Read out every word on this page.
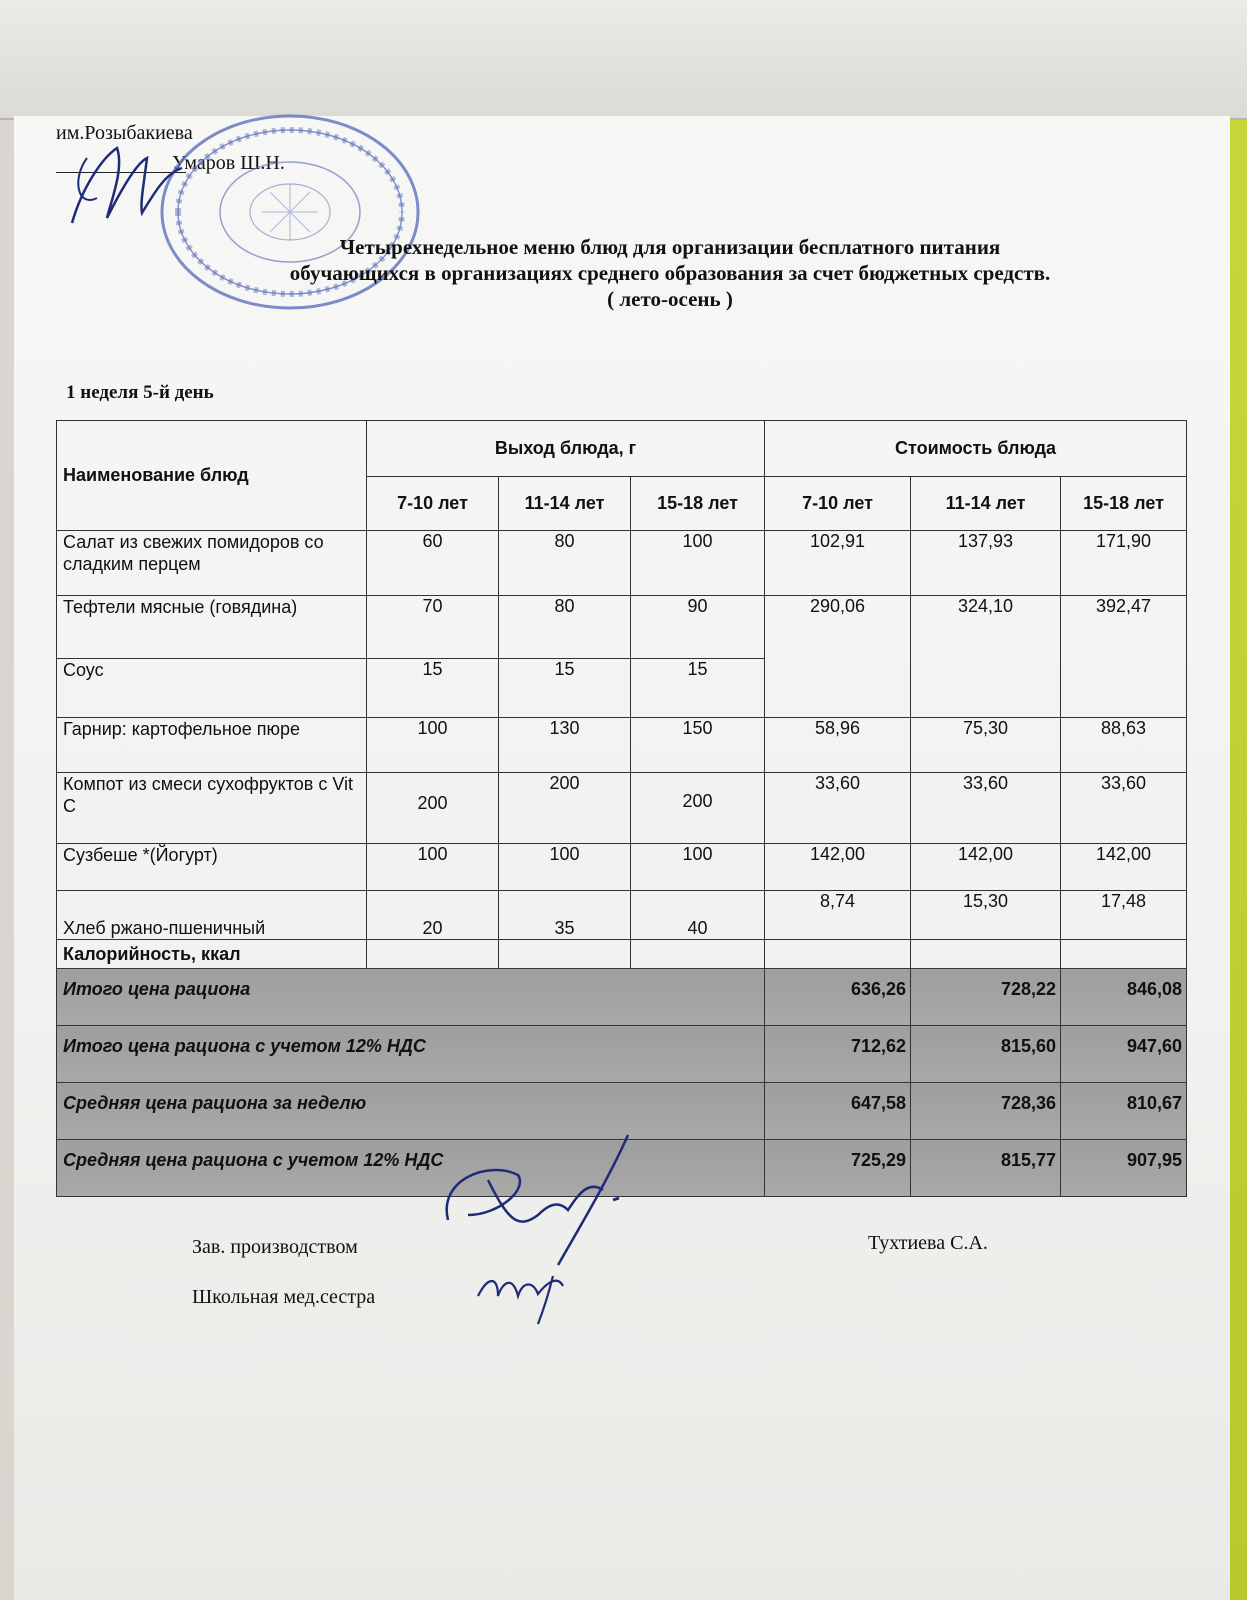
им.Розыбакиева
Умаров Ш.Н.
Четырехнедельное меню блюд для организации бесплатного питания
обучающихся в организациях среднего образования за счет бюджетных средств.
( лето-осень )
1 неделя 5-й день
Наименование блюд	Выход блюда, г			Стоимость блюда		
	7-10 лет	11-14 лет	15-18 лет	7-10 лет	11-14 лет	15-18 лет
Салат из свежих помидоров со сладким перцем	60	80	100	102,91	137,93	171,90
Тефтели мясные (говядина)	70	80	90	290,06	324,10	392,47
Соус	15	15	15			
Гарнир: картофельное пюре	100	130	150	58,96	75,30	88,63
Компот из смеси сухофруктов с Vit C	200	200	200	33,60	33,60	33,60
Сузбеше *(Йогурт)	100	100	100	142,00	142,00	142,00
Хлеб ржано-пшеничный	20	35	40	8,74	15,30	17,48
Калорийность, ккал						
Итого цена рациона				636,26	728,22	846,08
Итого цена рациона с учетом 12% НДС				712,62	815,60	947,60
Средняя цена рациона за неделю				647,58	728,36	810,67
Средняя цена рациона с учетом 12% НДС				725,29	815,77	907,95
Зав. производством	Тухтиева С.А.
Школьная мед.сестра
